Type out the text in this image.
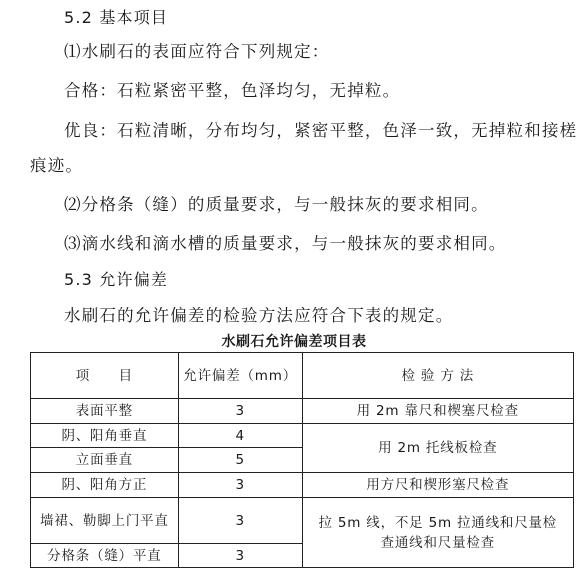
5.2 基本项目
⑴水刷石的表面应符合下列规定：
合格：石粒紧密平整，色泽均匀，无掉粒。
优良：石粒清晰，分布均匀，紧密平整，色泽一致，无掉粒和接槎痕迹。
⑵分格条（缝）的质量要求，与一般抹灰的要求相同。
⑶滴水线和滴水槽的质量要求，与一般抹灰的要求相同。
5.3 允许偏差
水刷石的允许偏差的检验方法应符合下表的规定。
水刷石允许偏差项目表
项　　目	允许偏差（mm）	检 验 方 法
表面平整	3	用 2m 靠尺和楔塞尺检查
阴、阳角垂直	4	用 2m 托线板检查
立面垂直	5	
阴、阳角方正	3	用方尺和楔形塞尺检查
墙裙、勒脚上门平直	3	拉 5m 线，不足 5m 拉通线和尺量检查通线和尺量检查
分格条（缝）平直	3	
